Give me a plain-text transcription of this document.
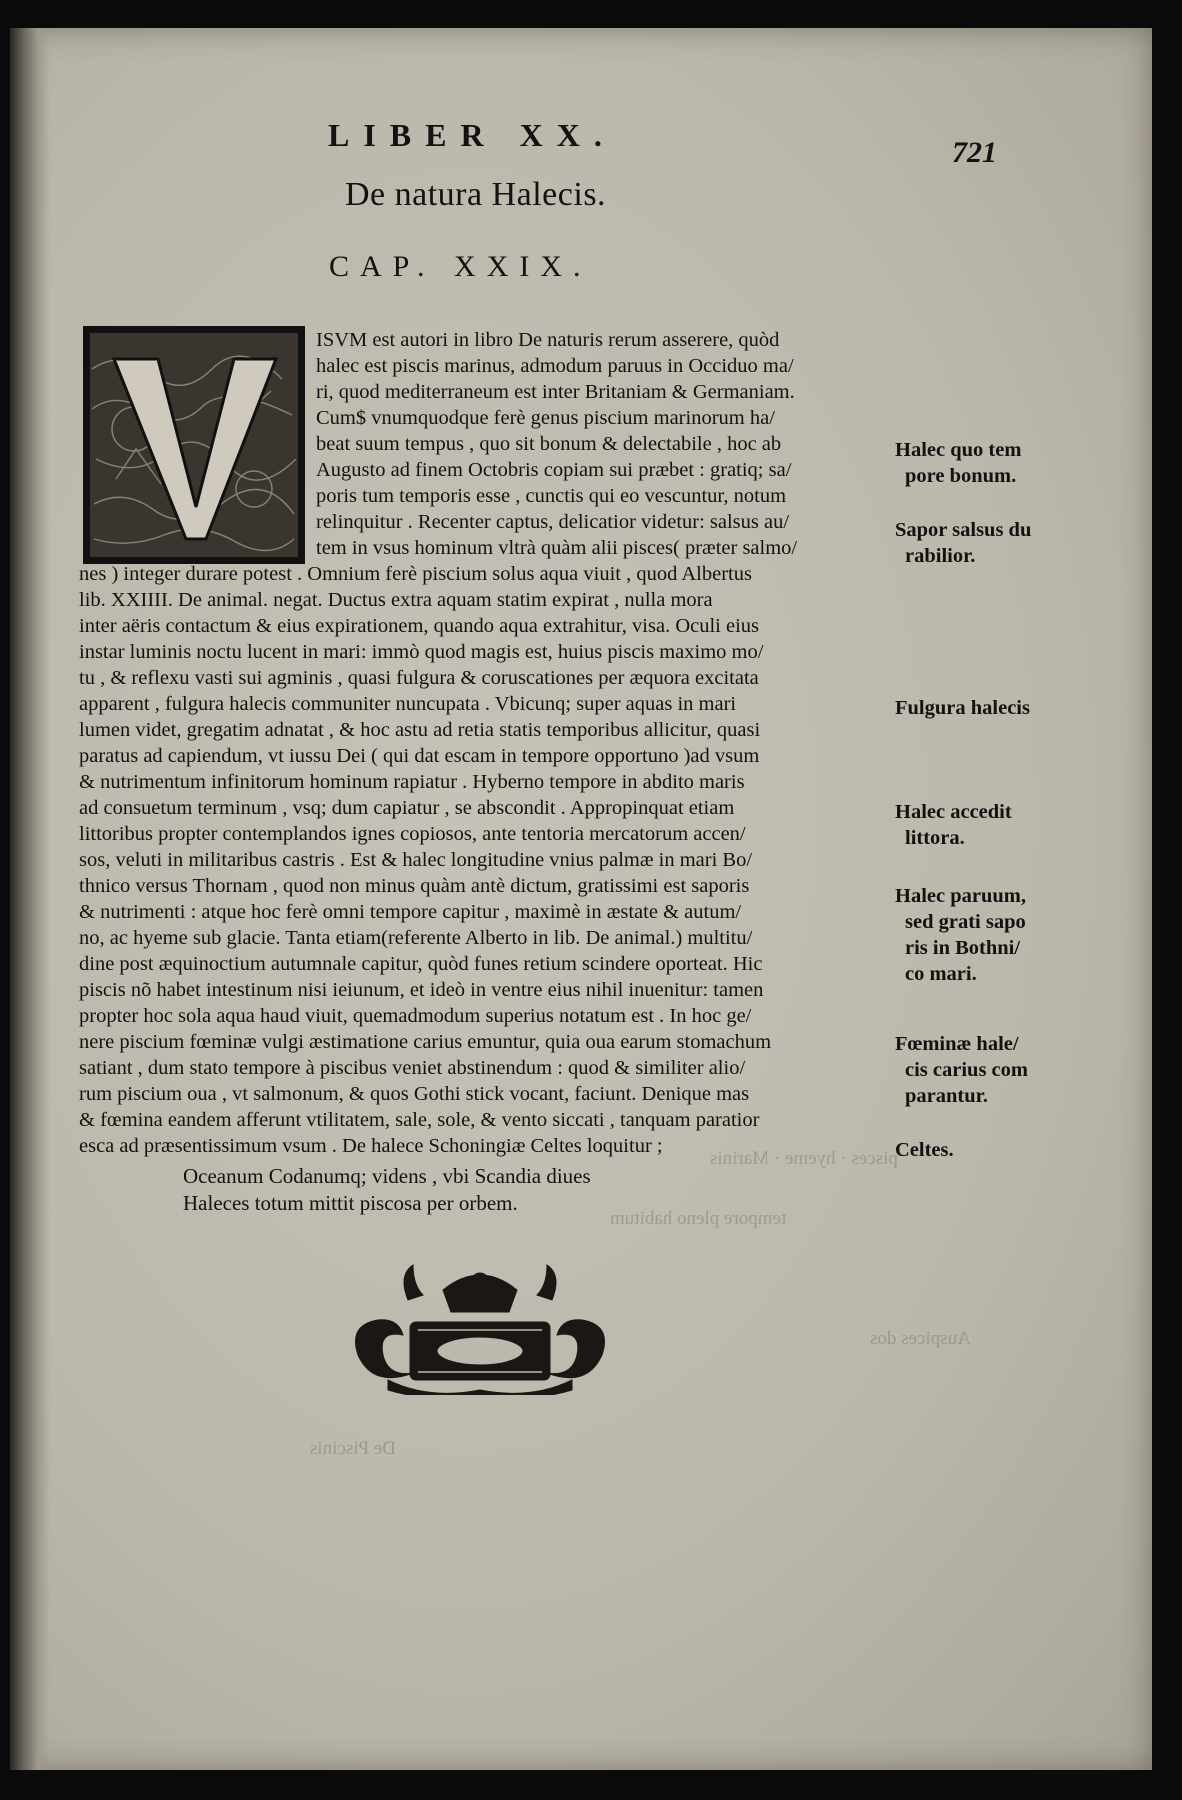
LIBER XX.	721
De natura Halecis.
CAP. XXIX.
ISVM est autori in libro De naturis rerum asserere, quòd
halec est piscis marinus, admodum paruus in Occiduo ma/
ri, quod mediterraneum est inter Britaniam & Germaniam.
Cum$ vnumquodque ferè genus piscium marinorum ha/
beat suum tempus , quo sit bonum & delectabile , hoc ab
Augusto ad finem Octobris copiam sui præbet : gratiq; sa/
poris tum temporis esse , cunctis qui eo vescuntur, notum
relinquitur . Recenter captus, delicatior videtur: salsus au/
tem in vsus hominum vltrà quàm alii pisces( præter salmo/
nes ) integer durare potest . Omnium ferè piscium solus aqua viuit , quod Albertus
lib. XXIIII. De animal. negat. Ductus extra aquam statim expirat , nulla mora
inter aëris contactum & eius expirationem, quando aqua extrahitur, visa. Oculi eius
instar luminis noctu lucent in mari: immò quod magis est, huius piscis maximo mo/
tu , & reflexu vasti sui agminis , quasi fulgura & coruscationes per æquora excitata
apparent , fulgura halecis communiter nuncupata . Vbicunq; super aquas in mari
lumen videt, gregatim adnatat , & hoc astu ad retia statis temporibus allicitur, quasi
paratus ad capiendum, vt iussu Dei ( qui dat escam in tempore opportuno )ad vsum
& nutrimentum infinitorum hominum rapiatur . Hyberno tempore in abdito maris
ad consuetum terminum , vsq; dum capiatur , se abscondit . Appropinquat etiam
littoribus propter contemplandos ignes copiosos, ante tentoria mercatorum accen/
sos, veluti in militaribus castris . Est & halec longitudine vnius palmæ in mari Bo/
thnico versus Thornam , quod non minus quàm antè dictum, gratissimi est saporis
& nutrimenti : atque hoc ferè omni tempore capitur , maximè in æstate & autum/
no, ac hyeme sub glacie. Tanta etiam(referente Alberto in lib. De animal.) multitu/
dine post æquinoctium autumnale capitur, quòd funes retium scindere oporteat. Hic
piscis nõ habet intestinum nisi ieiunum, et ideò in ventre eius nihil inuenitur: tamen
propter hoc sola aqua haud viuit, quemadmodum superius notatum est . In hoc ge/
nere piscium fœminæ vulgi æstimatione carius emuntur, quia oua earum stomachum
satiant , dum stato tempore à piscibus veniet abstinendum : quod & similiter alio/
rum piscium oua , vt salmonum, & quos Gothi stick vocant, faciunt. Denique mas
& fœmina eandem afferunt vtilitatem, sale, sole, & vento siccati , tanquam paratior
esca ad præsentissimum vsum . De halece Schoningiæ Celtes loquitur ;
Halec quo tem
pore bonum.
Sapor salsus du
rabilior.
Fulgura halecis
Halec accedit
littora.
Halec paruum,
sed grati sapo
ris in Bothni/
co mari.
Fœminæ hale/
cis carius com
parantur.
Celtes.
Oceanum Codanumq; videns , vbi Scandia diues
Haleces totum mittit piscosa per orbem.
pisces · hyeme · Marinis
tempore pleno habitum
Auspices dos
De Piscinis
